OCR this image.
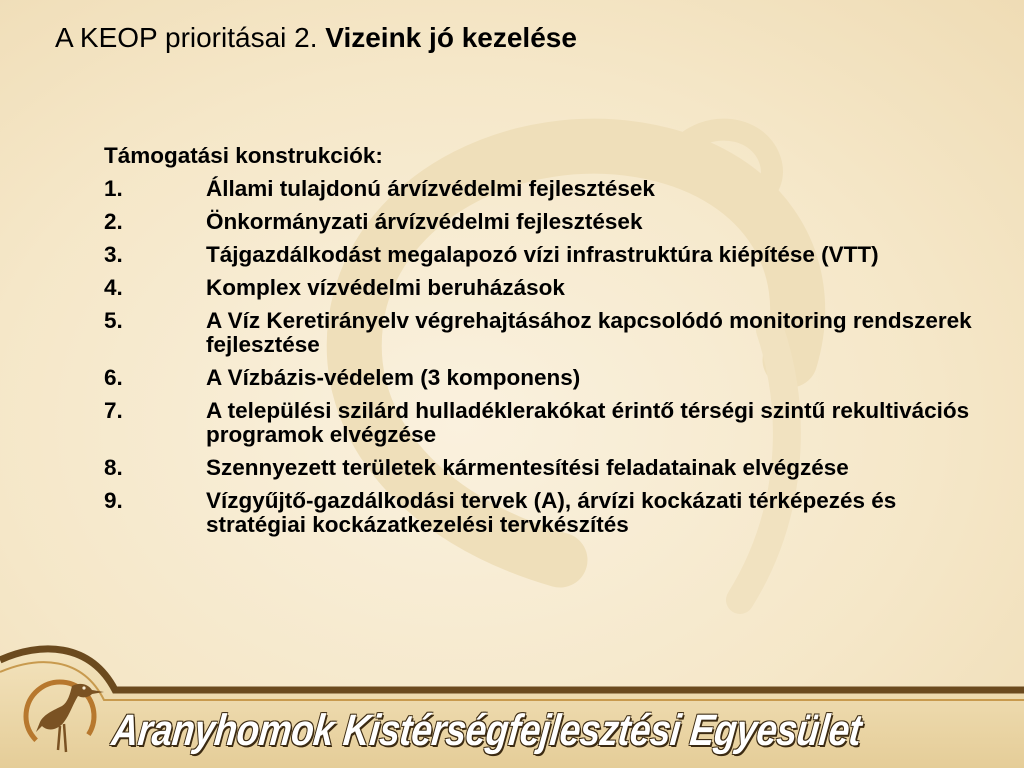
A KEOP prioritásai 2. Vizeink jó kezelése
Támogatási konstrukciók:
1.	Állami tulajdonú árvízvédelmi fejlesztések
2.	Önkormányzati árvízvédelmi fejlesztések
3.	Tájgazdálkodást megalapozó vízi infrastruktúra kiépítése (VTT)
4.	Komplex vízvédelmi beruházások
5.	A Víz Keretirányelv végrehajtásához kapcsolódó monitoring rendszerek fejlesztése
6.	A Vízbázis-védelem (3 komponens)
7.	A települési szilárd hulladéklerakókat érintő térségi szintű rekultivációs programok elvégzése
8.	Szennyezett területek kármentesítési feladatainak elvégzése
9.	Vízgyűjtő-gazdálkodási tervek (A), árvízi kockázati térképezés és stratégiai kockázatkezelési tervkészítés
Aranyhomok Kistérségfejlesztési Egyesület
